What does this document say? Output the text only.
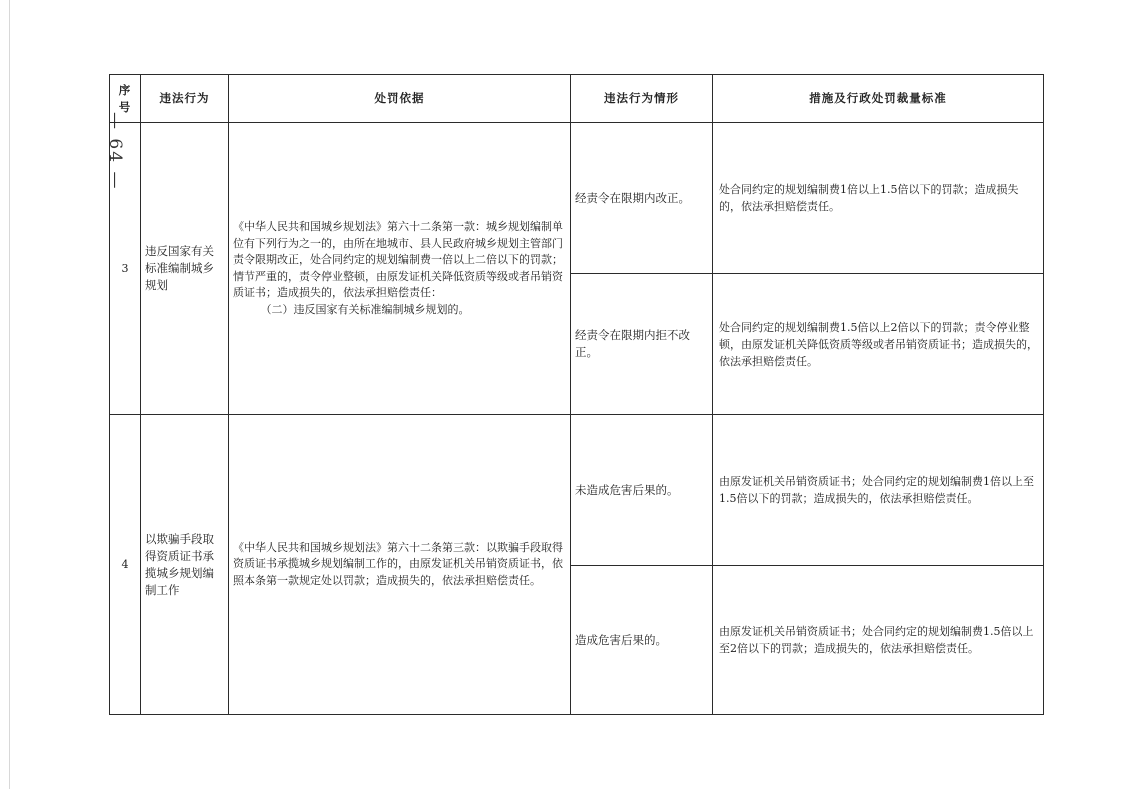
— 64 —
序号	违法行为	处罚依据	违法行为情形	措施及行政处罚裁量标准
3	违反国家有关标准编制城乡规划	《中华人民共和国城乡规划法》第六十二条第一款：城乡规划编制单位有下列行为之一的，由所在地城市、县人民政府城乡规划主管部门责令限期改正，处合同约定的规划编制费一倍以上二倍以下的罚款；情节严重的，责令停业整顿，由原发证机关降低资质等级或者吊销资质证书；造成损失的，依法承担赔偿责任：
（二）违反国家有关标准编制城乡规划的。	经责令在限期内改正。	处合同约定的规划编制费1倍以上1.5倍以下的罚款；造成损失的，依法承担赔偿责任。
			经责令在限期内拒不改正。	处合同约定的规划编制费1.5倍以上2倍以下的罚款；责令停业整顿，由原发证机关降低资质等级或者吊销资质证书；造成损失的，依法承担赔偿责任。
4	以欺骗手段取得资质证书承揽城乡规划编制工作	《中华人民共和国城乡规划法》第六十二条第三款：以欺骗手段取得资质证书承揽城乡规划编制工作的，由原发证机关吊销资质证书，依照本条第一款规定处以罚款；造成损失的，依法承担赔偿责任。	未造成危害后果的。	由原发证机关吊销资质证书；处合同约定的规划编制费1倍以上至1.5倍以下的罚款；造成损失的，依法承担赔偿责任。
			造成危害后果的。	由原发证机关吊销资质证书；处合同约定的规划编制费1.5倍以上至2倍以下的罚款；造成损失的，依法承担赔偿责任。
